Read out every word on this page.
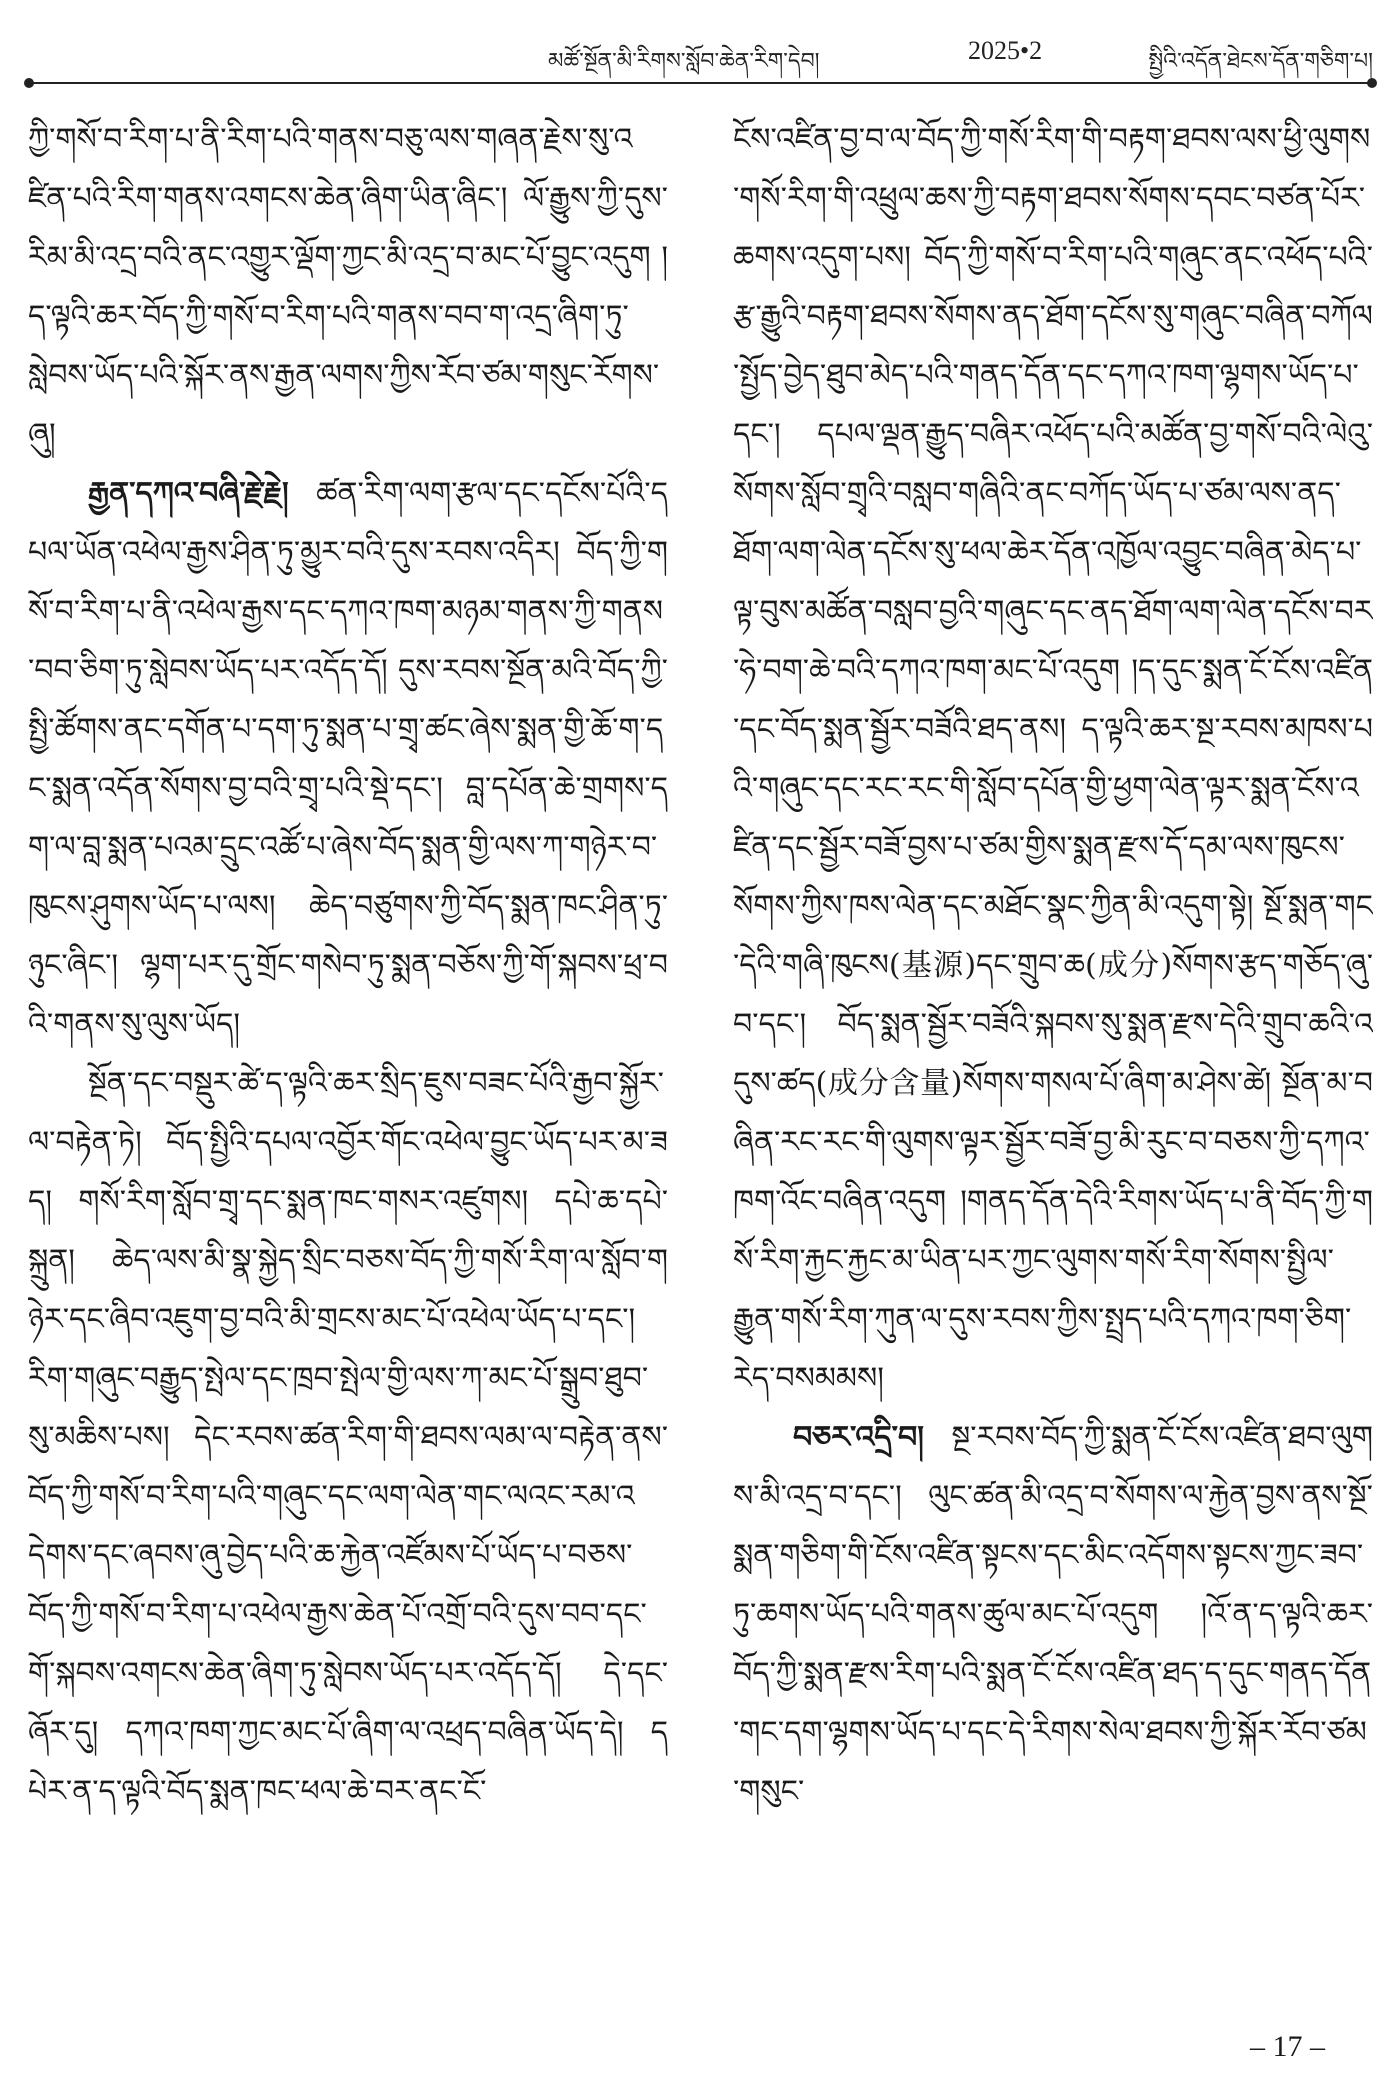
མཚོ་སྔོན་མི་རིགས་སློབ་ཆེན་རིག་དེབ།	2025•2	སྤྱིའི་འདོན་ཐེངས་དོན་གཅིག་པ།

ཀྱི་གསོ་བ་རིག་པ་ནི་རིག་པའི་གནས་བཅུ་ལས་གཞན་རྗེས་སུ་འཛིན་པའི་རིག་གནས་འགངས་ཆེན་ཞིག་ཡིན་ཞིང་། ལོ་རྒྱུས་ཀྱི་དུས་རིམ་མི་འདྲ་བའི་ནང་འགྱུར་ལྡོག་ཀྱང་མི་འདྲ་བ་མང་པོ་བྱུང་འདུག །ད་ལྟའི་ཆར་བོད་ཀྱི་གསོ་བ་རིག་པའི་གནས་བབ་ག་འདྲ་ཞིག་ཏུ་སླེབས་ཡོད་པའི་སྐོར་ནས་རྒྱན་ལགས་ཀྱིས་རོབ་ཙམ་གསུང་རོགས་ཞུ།

རྒྱན་དཀའ་བཞི་རྗེ་རྗེ། ཚན་རིག་ལག་རྩལ་དང་དངོས་པོའི་དཔལ་ཡོན་འཕེལ་རྒྱས་ཤིན་ཏུ་མྱུར་བའི་དུས་རབས་འདིར། བོད་ཀྱི་གསོ་བ་རིག་པ་ནི་འཕེལ་རྒྱས་དང་དཀའ་ཁག་མཉམ་གནས་ཀྱི་གནས་བབ་ཅིག་ཏུ་སླེབས་ཡོད་པར་འདོད་དོ། དུས་རབས་སྔོན་མའི་བོད་ཀྱི་སྤྱི་ཚོགས་ནང་དགོན་པ་དག་ཏུ་སྨན་པ་གྲྭ་ཚང་ཞེས་སྨན་གྱི་ཆོ་ག་དང་སྨན་འདོན་སོགས་བྱ་བའི་གྲྭ་པའི་སྡེ་དང་། བླ་དཔོན་ཆེ་གྲགས་དག་ལ་བླ་སྨན་པའམ་དྲུང་འཚོ་པ་ཞེས་བོད་སྨན་གྱི་ལས་ཀ་གཉེར་བ་ཁུངས་ཤུགས་ཡོད་པ་ལས། ཆེད་བཙུགས་ཀྱི་བོད་སྨན་ཁང་ཤིན་ཏུ་ཉུང་ཞིང་། ལྷག་པར་དུ་གྲོང་གསེབ་ཏུ་སྨན་བཅོས་ཀྱི་གོ་སྐབས་ཕྲ་བའི་གནས་སུ་ལུས་ཡོད།

སྔོན་དང་བསྡུར་ཚེ་ད་ལྟའི་ཆར་སྲིད་ཇུས་བཟང་པོའི་རྒྱབ་སྐྱོར་ལ་བརྟེན་ཏེ། བོད་སྤྱིའི་དཔལ་འབྱོར་གོང་འཕེལ་བྱུང་ཡོད་པར་མ་ཟད། གསོ་རིག་སློབ་གྲྭ་དང་སྨན་ཁང་གསར་འཛུགས། དཔེ་ཆ་དཔེ་སྐྲུན། ཆེད་ལས་མི་སྣ་སྐྱེད་སྲིང་བཅས་བོད་ཀྱི་གསོ་རིག་ལ་སློབ་གཉེར་དང་ཞིབ་འཇུག་བྱ་བའི་མི་གྲངས་མང་པོ་འཕེལ་ཡོད་པ་དང་། རིག་གཞུང་བརྒྱུད་སྤེལ་དང་ཁྲབ་སྤེལ་གྱི་ལས་ཀ་མང་པོ་སྒྲུབ་ཐུབ་སུ་མཆིས་པས། དེང་རབས་ཚན་རིག་གི་ཐབས་ལམ་ལ་བརྟེན་ནས་བོད་ཀྱི་གསོ་བ་རིག་པའི་གཞུང་དང་ལག་ལེན་གང་ལའང་རམ་འདེགས་དང་ཞབས་ཞུ་བྱེད་པའི་ཆ་རྐྱེན་འཛོམས་པོ་ཡོད་པ་བཅས་བོད་ཀྱི་གསོ་བ་རིག་པ་འཕེལ་རྒྱས་ཆེན་པོ་འགྲོ་བའི་དུས་བབ་དང་གོ་སྐབས་འགངས་ཆེན་ཞིག་ཏུ་སླེབས་ཡོད་པར་འདོད་དོ། དེ་དང་ཞོར་དུ། དཀའ་ཁག་ཀྱང་མང་པོ་ཞིག་ལ་འཕྲད་བཞིན་ཡོད་དེ། དཔེར་ན་ད་ལྟའི་བོད་སྨན་ཁང་ཕལ་ཆེ་བར་ནང་ངོ་

ངོས་འཛིན་བྱ་བ་ལ་བོད་ཀྱི་གསོ་རིག་གི་བརྟག་ཐབས་ལས་ཕྱི་ལུགས་གསོ་རིག་གི་འཕྲུལ་ཆས་ཀྱི་བརྟག་ཐབས་སོགས་དབང་བཙན་པོར་ཆགས་འདུག་པས། བོད་ཀྱི་གསོ་བ་རིག་པའི་གཞུང་ནང་འཕོད་པའི་རྩ་རྒྱུའི་བརྟག་ཐབས་སོགས་ནད་ཐོག་དངོས་སུ་གཞུང་བཞིན་བཀོལ་སྤྱོད་བྱེད་ཐུབ་མེད་པའི་གནད་དོན་དང་དཀའ་ཁག་ལྷགས་ཡོད་པ་དང་། དཔལ་ལྡན་རྒྱུད་བཞིར་འཕོད་པའི་མཚོན་བྱ་གསོ་བའི་ལེའུ་སོགས་སློབ་གྲྭའི་བསླབ་གཞིའི་ནང་བཀོད་ཡོད་པ་ཙམ་ལས་ནད་ཐོག་ལག་ལེན་དངོས་སུ་ཕལ་ཆེར་དོན་འཁྱོལ་འབྱུང་བཞིན་མེད་པ་ལྟ་བུས་མཚོན་བསླབ་བྱའི་གཞུང་དང་ནད་ཐོག་ལག་ལེན་དངོས་བར་ཧེ་བག་ཆེ་བའི་དཀའ་ཁག་མང་པོ་འདུག །ད་དུང་སྨན་ངོ་ངོས་འཛིན་དང་བོད་སྨན་སྦྱོར་བཟོའི་ཐད་ནས། ད་ལྟའི་ཆར་སྔ་རབས་མཁས་པའི་གཞུང་དང་རང་རང་གི་སློབ་དཔོན་གྱི་ཕྱག་ལེན་ལྟར་སྨན་ངོས་འཛིན་དང་སྦྱོར་བཟོ་བྱས་པ་ཙམ་གྱིས་སྨན་རྫས་དོ་དམ་ལས་ཁུངས་སོགས་ཀྱིས་ཁས་ལེན་དང་མཐོང་སྣང་ཀྱིན་མི་འདུག་སྟེ། སྔོ་སྨན་གང་དེའི་གཞི་ཁུངས(基源)དང་གྲུབ་ཆ(成分)སོགས་རྩད་གཅོད་ཞུ་བ་དང་། བོད་སྨན་སྦྱོར་བཟོའི་སྐབས་སུ་སྨན་རྫས་དེའི་གྲུབ་ཆའི་འདུས་ཚད(成分含量)སོགས་གསལ་པོ་ཞིག་མ་ཤེས་ཚེ། སྔོན་མ་བཞིན་རང་རང་གི་ལུགས་ལྟར་སྦྱོར་བཟོ་བྱ་མི་རུང་བ་བཅས་ཀྱི་དཀའ་ཁག་འོང་བཞིན་འདུག །གནད་དོན་དེའི་རིགས་ཡོད་པ་ནི་བོད་ཀྱི་གསོ་རིག་རྐྱང་རྐྱང་མ་ཡིན་པར་ཀྱང་ལུགས་གསོ་རིག་སོགས་སྤྱིལ་རྒྱུན་གསོ་རིག་ཀུན་ལ་དུས་རབས་ཀྱིས་སྤྲད་པའི་དཀའ་ཁག་ཅིག་རེད་བསམམས།

བཅར་འདྲི་བ། སྔ་རབས་བོད་ཀྱི་སྨན་ངོ་ངོས་འཛིན་ཐབ་ལུགས་མི་འདྲ་བ་དང་། ལུང་ཚན་མི་འདྲ་བ་སོགས་ལ་རྐྱེན་བྱས་ནས་སྔོ་སྨན་གཅིག་གི་ངོས་འཛིན་སྟངས་དང་མིང་འདོགས་སྟངས་ཀྱང་ཟབ་ཏུ་ཆགས་ཡོད་པའི་གནས་ཚུལ་མང་པོ་འདུག །འོ་ན་ད་ལྟའི་ཆར་བོད་ཀྱི་སྨན་རྫས་རིག་པའི་སྨན་ངོ་ངོས་འཛིན་ཐད་ད་དུང་གནད་དོན་གང་དག་ལྷགས་ཡོད་པ་དང་དེ་རིགས་སེལ་ཐབས་ཀྱི་སྐོར་རོབ་ཙམ་གསུང་

– 17 –
